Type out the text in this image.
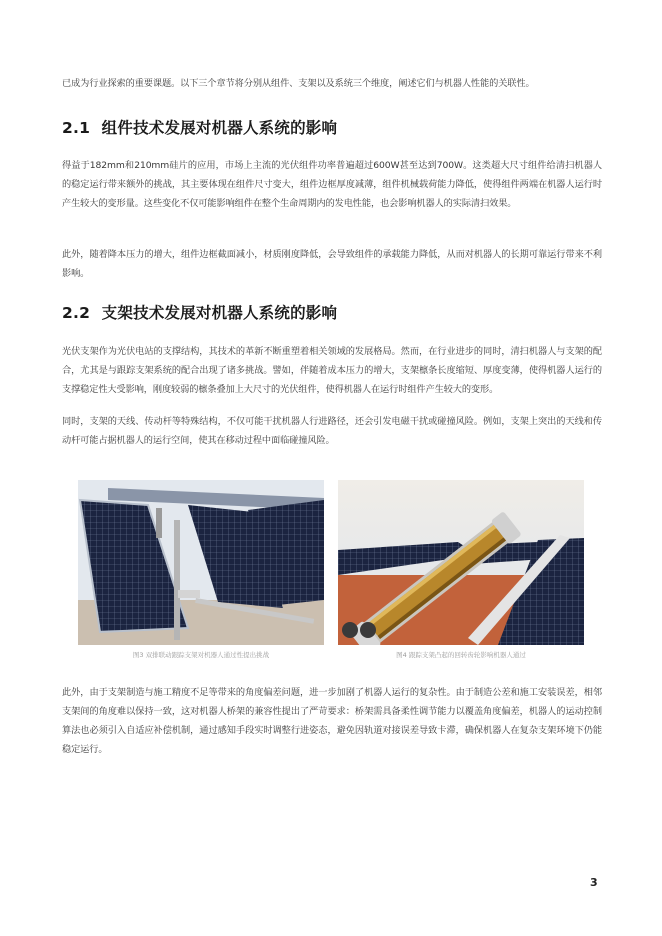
已成为行业探索的重要课题。以下三个章节将分别从组件、支架以及系统三个维度，阐述它们与机器人性能的关联性。
2.1 组件技术发展对机器人系统的影响
得益于182mm和210mm硅片的应用，市场上主流的光伏组件功率普遍超过600W甚至达到700W。这类超大尺寸组件给清扫机器人的稳定运行带来额外的挑战，其主要体现在组件尺寸变大，组件边框厚度减薄，组件机械载荷能力降低，使得组件两端在机器人运行时产生较大的变形量。这些变化不仅可能影响组件在整个生命周期内的发电性能，也会影响机器人的实际清扫效果。
此外，随着降本压力的增大，组件边框截面减小，材质刚度降低，会导致组件的承载能力降低，从而对机器人的长期可靠运行带来不利影响。
2.2 支架技术发展对机器人系统的影响
光伏支架作为光伏电站的支撑结构，其技术的革新不断重塑着相关领域的发展格局。然而，在行业进步的同时，清扫机器人与支架的配合，尤其是与跟踪支架系统的配合出现了诸多挑战。譬如，伴随着成本压力的增大，支架檩条长度缩短、厚度变薄，使得机器人运行的支撑稳定性大受影响，刚度较弱的檩条叠加上大尺寸的光伏组件，使得机器人在运行时组件产生较大的变形。
同时，支架的天线、传动杆等特殊结构，不仅可能干扰机器人行进路径，还会引发电磁干扰或碰撞风险。例如，支架上突出的天线和传动杆可能占据机器人的运行空间，使其在移动过程中面临碰撞风险。
图3 双排联动跟踪支架对机器人通过性提出挑战	图4 跟踪支架凸起的回转齿轮影响机器人通过
此外，由于支架制造与施工精度不足等带来的角度偏差问题，进一步加剧了机器人运行的复杂性。由于制造公差和施工安装误差，相邻支架间的角度难以保持一致，这对机器人桥架的兼容性提出了严苛要求：桥架需具备柔性调节能力以覆盖角度偏差，机器人的运动控制算法也必须引入自适应补偿机制，通过感知手段实时调整行进姿态，避免因轨道对接误差导致卡滞，确保机器人在复杂支架环境下仍能稳定运行。
3
